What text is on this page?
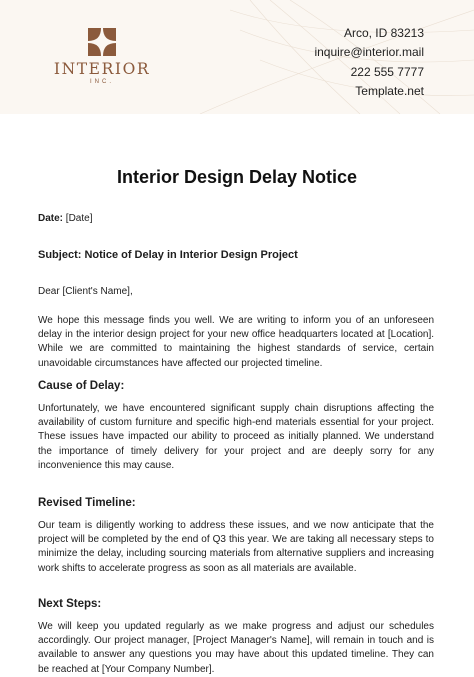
INTERIOR
INC.
Arco, ID 83213
inquire@interior.mail
222 555 7777
Template.net
Interior Design Delay Notice
Date: [Date]
Subject: Notice of Delay in Interior Design Project
Dear [Client's Name],

We hope this message finds you well. We are writing to inform you of an unforeseen delay in the interior design project for your new office headquarters located at [Location]. While we are committed to maintaining the highest standards of service, certain unavoidable circumstances have affected our projected timeline.

Cause of Delay:

Unfortunately, we have encountered significant supply chain disruptions affecting the availability of custom furniture and specific high-end materials essential for your project. These issues have impacted our ability to proceed as initially planned. We understand the importance of timely delivery for your project and are deeply sorry for any inconvenience this may cause.

Revised Timeline:

Our team is diligently working to address these issues, and we now anticipate that the project will be completed by the end of Q3 this year. We are taking all necessary steps to minimize the delay, including sourcing materials from alternative suppliers and increasing work shifts to accelerate progress as soon as all materials are available.

Next Steps:

We will keep you updated regularly as we make progress and adjust our schedules accordingly. Our project manager, [Project Manager's Name], will remain in touch and is available to answer any questions you may have about this updated timeline. They can be reached at [Your Company Number].
